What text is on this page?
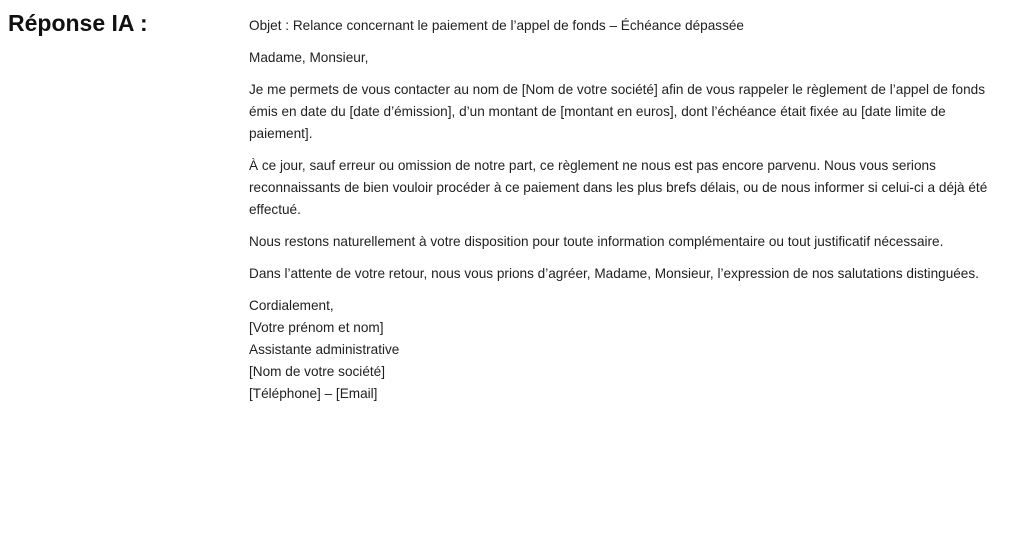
Réponse IA :	Objet : Relance concernant le paiement de l’appel de fonds – Échéance dépassée

Madame, Monsieur,

Je me permets de vous contacter au nom de [Nom de votre société] afin de vous rappeler le règlement de l’appel de fonds émis en date du [date d’émission], d’un montant de [montant en euros], dont l’échéance était fixée au [date limite de paiement].

À ce jour, sauf erreur ou omission de notre part, ce règlement ne nous est pas encore parvenu. Nous vous serions reconnaissants de bien vouloir procéder à ce paiement dans les plus brefs délais, ou de nous informer si celui-ci a déjà été effectué.

Nous restons naturellement à votre disposition pour toute information complémentaire ou tout justificatif nécessaire.

Dans l’attente de votre retour, nous vous prions d’agréer, Madame, Monsieur, l’expression de nos salutations distinguées.

Cordialement,

[Votre prénom et nom]

Assistante administrative

[Nom de votre société]

[Téléphone] – [Email]
